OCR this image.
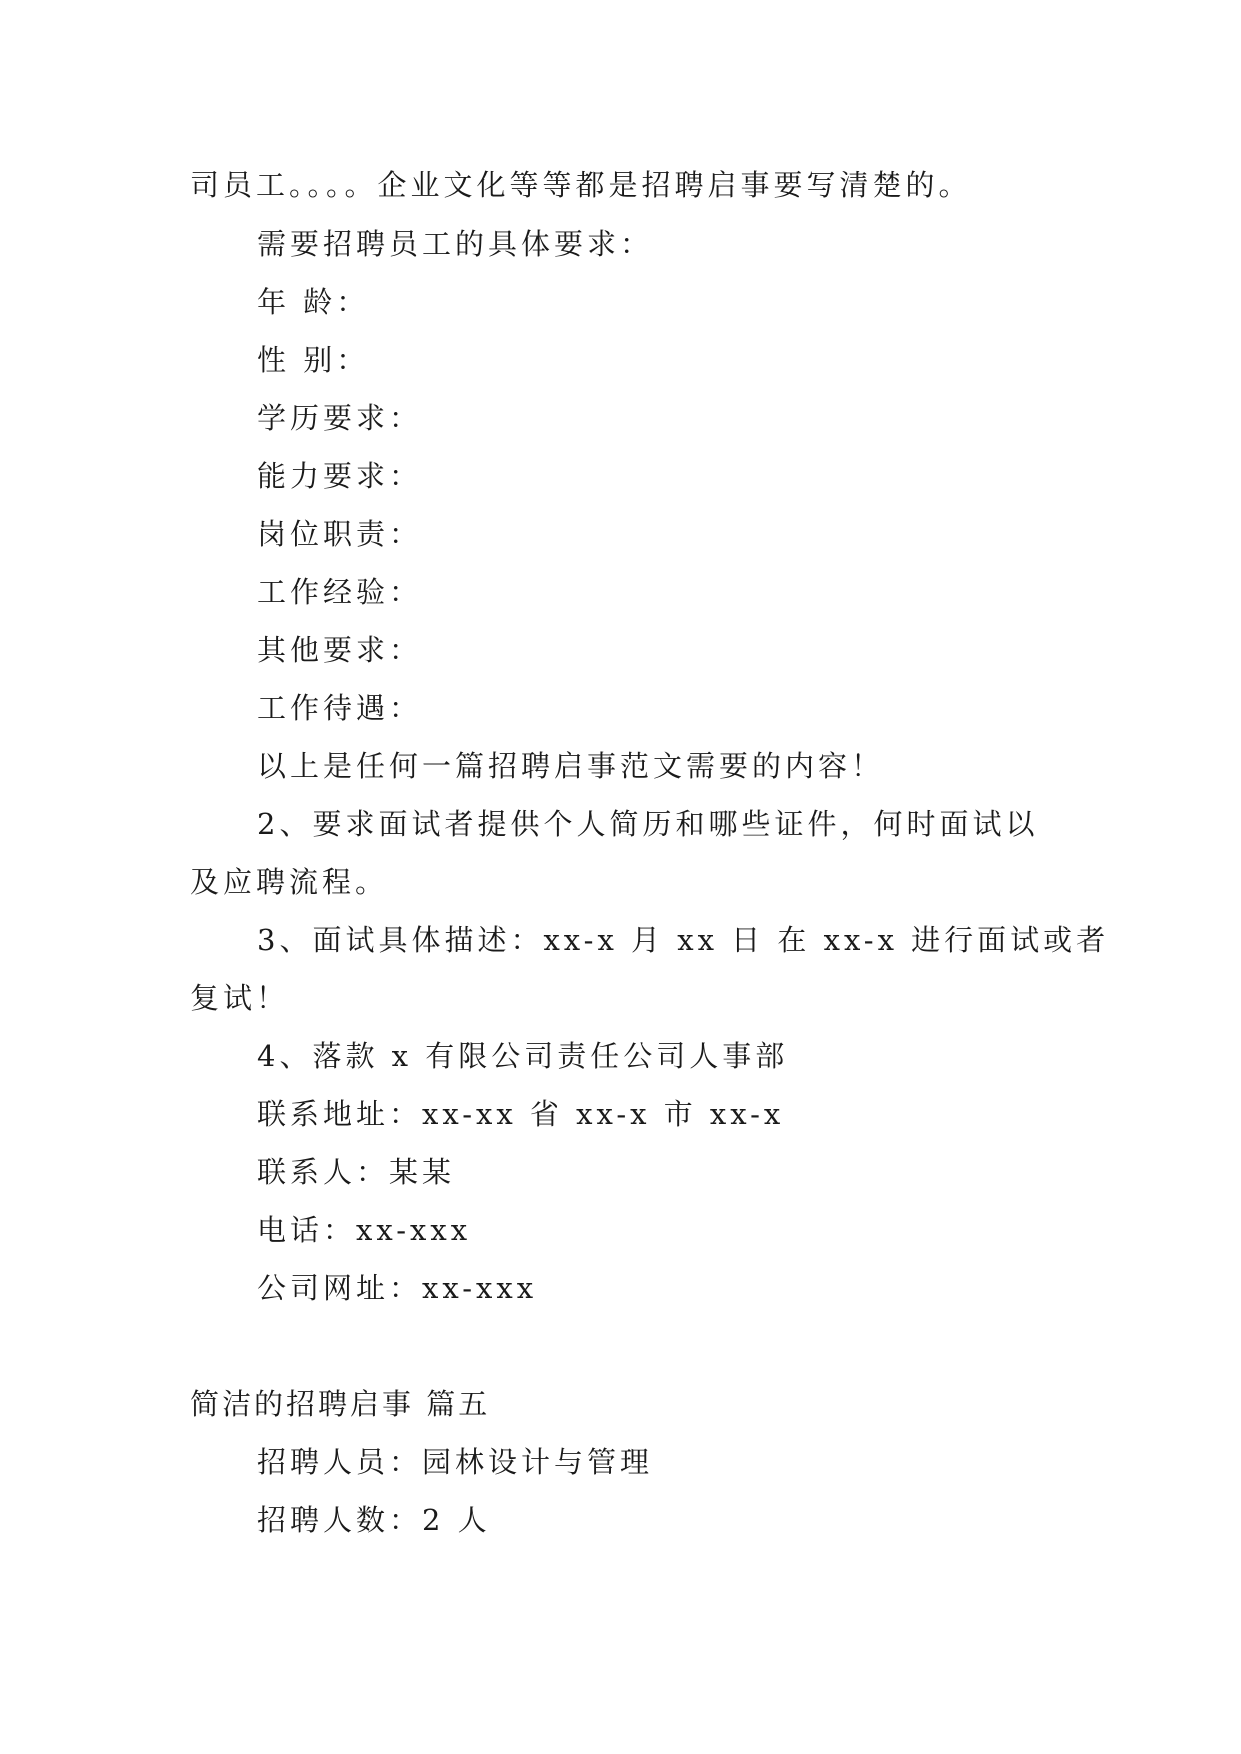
司员工。。。。企业文化等等都是招聘启事要写清楚的。
需要招聘员工的具体要求：
年 龄：
性 别：
学历要求：
能力要求：
岗位职责：
工作经验：
其他要求：
工作待遇：
以上是任何一篇招聘启事范文需要的内容！
2、要求面试者提供个人简历和哪些证件，何时面试以
及应聘流程。
3、面试具体描述：xx-x 月 xx 日 在 xx-x 进行面试或者
复试！
4、落款 x 有限公司责任公司人事部
联系地址：xx-xx 省 xx-x 市 xx-x
联系人：某某
电话：xx-xxx
公司网址：xx-xxx
简洁的招聘启事 篇五
招聘人员：园林设计与管理
招聘人数：2 人
